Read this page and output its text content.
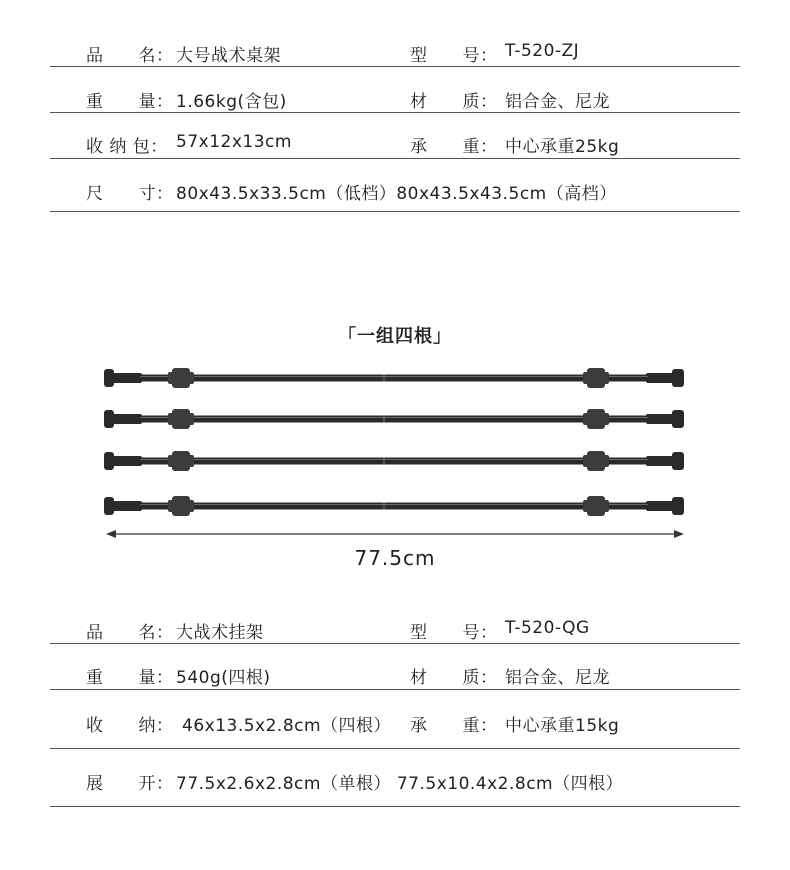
品　　名： 大号战术桌架	型　　号： T-520-ZJ
重　　量： 1.66kg(含包)	材　　质： 铝合金、尼龙
收 纳 包： 57x12x13cm	承　　重： 中心承重25kg
尺　　寸： 80x43.5x33.5cm（低档）80x43.5x43.5cm（高档）
「一组四根」
77.5cm
品　　名： 大战术挂架	型　　号： T-520-QG
重　　量： 540g(四根)	材　　质： 铝合金、尼龙
收　　纳： 46x13.5x2.8cm（四根） 承　　重： 中心承重15kg
展　　开： 77.5x2.6x2.8cm（单根） 77.5x10.4x2.8cm（四根）
